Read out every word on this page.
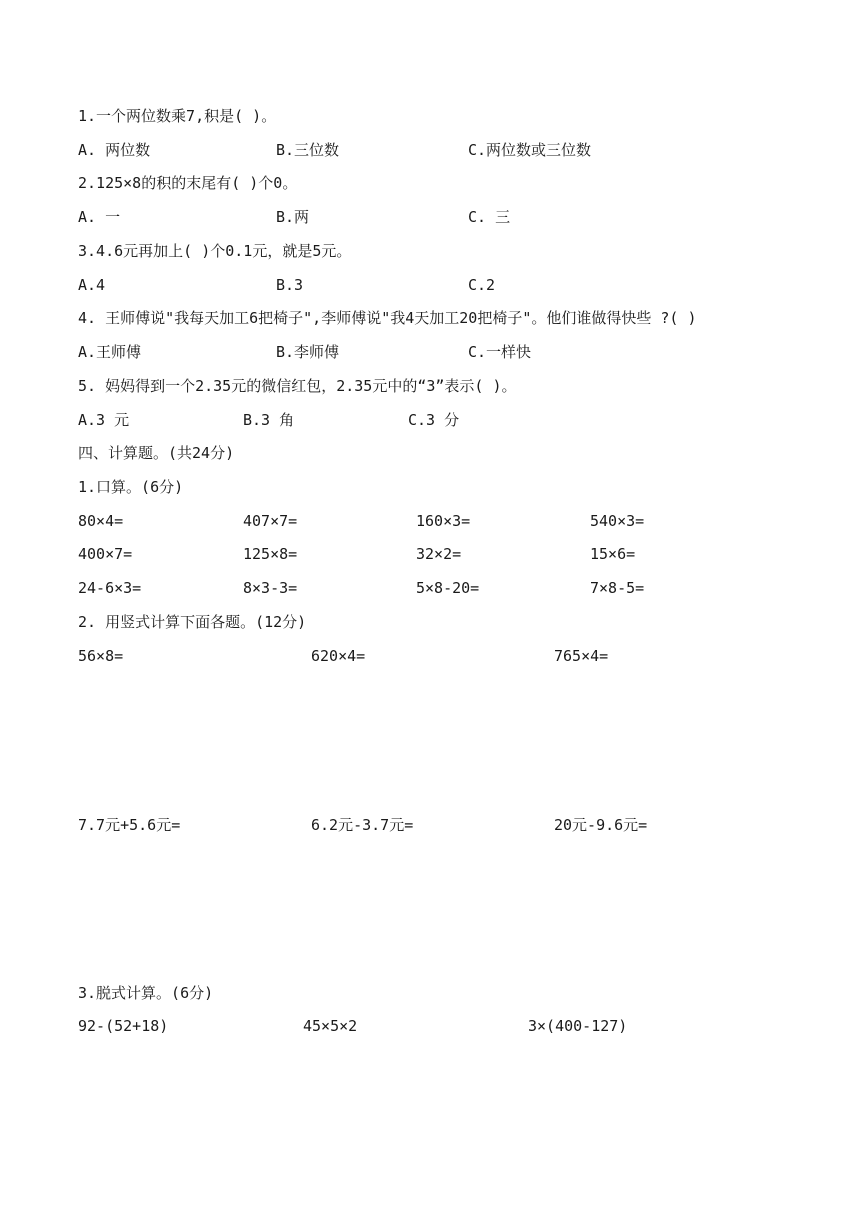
1.一个两位数乘7,积是( )。
A. 两位数	B.三位数	C.两位数或三位数
2.125×8的积的末尾有( )个0。
A. 一	B.两	C. 三
3.4.6元再加上( )个0.1元，就是5元。
A.4	B.3	C.2
4. 王师傅说"我每天加工6把椅子",李师傅说"我4天加工20把椅子"。他们谁做得快些 ?( )
A.王师傅	B.李师傅	C.一样快
5. 妈妈得到一个2.35元的微信红包，2.35元中的“3”表示( )。
A.3 元	B.3 角	C.3 分
四、计算题。(共24分)
1.口算。(6分)
80×4=	407×7=	160×3=	540×3=
400×7=	125×8=	32×2=	15×6=
24-6×3=	8×3-3=	5×8-20=	7×8-5=
2. 用竖式计算下面各题。(12分)
56×8=	620×4=	765×4=
7.7元+5.6元=	6.2元-3.7元=	20元-9.6元=
3.脱式计算。(6分)
92-(52+18)	45×5×2	3×(400-127)
